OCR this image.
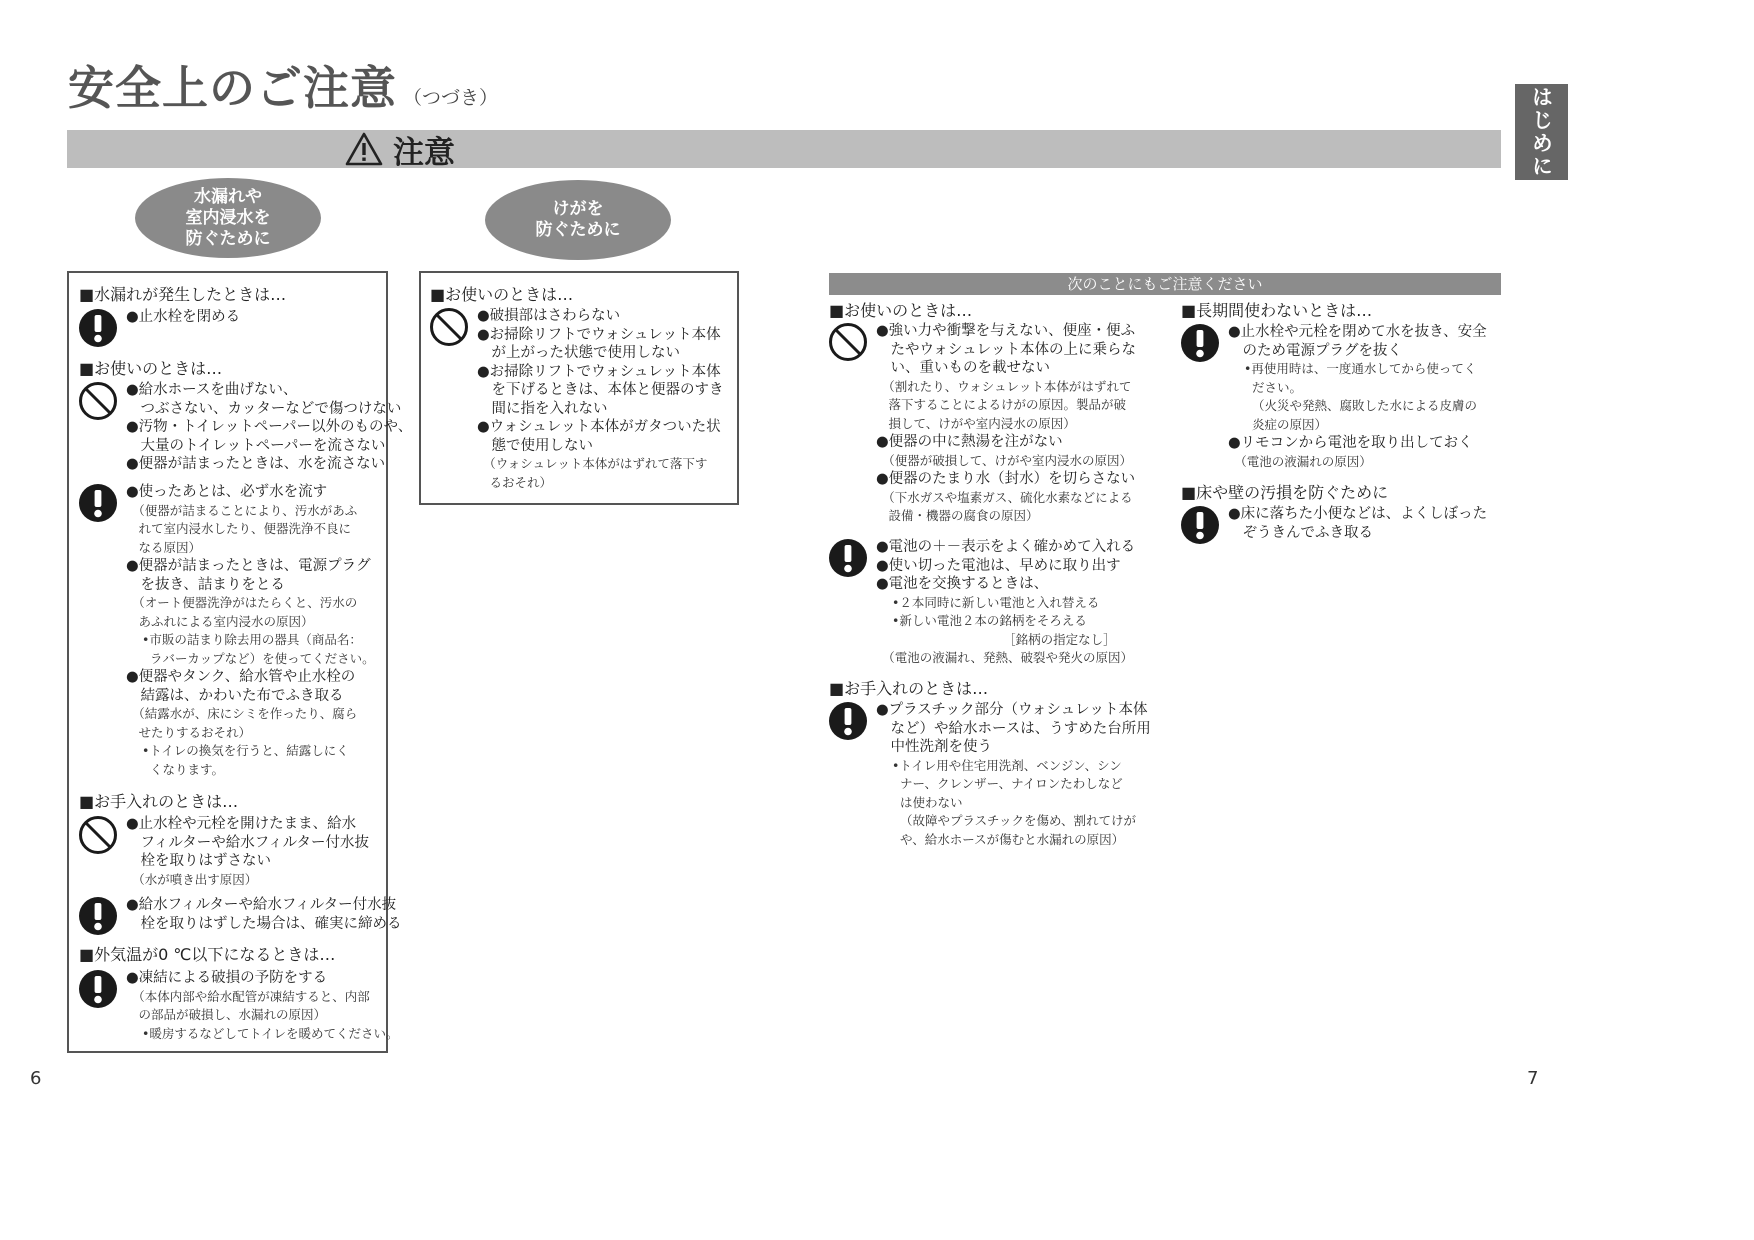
安全上のご注意 （つづき）	はじめに
注意
水漏れや
室内浸水を
防ぐために
けがを
防ぐために
■水漏れが発生したときは…
●止水栓を閉める
■お使いのときは…
●給水ホースを曲げない、
　つぶさない、カッターなどで傷つけない
●汚物・トイレットペーパー以外のものや、
　大量のトイレットペーパーを流さない
●便器が詰まったときは、水を流さない
●使ったあとは、必ず水を流す
　（便器が詰まることにより、汚水があふ
　れて室内浸水したり、便器洗浄不良に
　なる原因）
●便器が詰まったときは、電源プラグ
　を抜き、詰まりをとる
　（オート便器洗浄がはたらくと、汚水の
　あふれによる室内浸水の原因）
•市販の詰まり除去用の器具（商品名：
ラバーカップなど）を使ってください。
●便器やタンク、給水管や止水栓の
　結露は、かわいた布でふき取る
　（結露水が、床にシミを作ったり、腐ら
　せたりするおそれ）
•トイレの換気を行うと、結露しにく
くなります。
■お手入れのときは…
●止水栓や元栓を開けたまま、給水
　フィルターや給水フィルター付水抜
　栓を取りはずさない
　（水が噴き出す原因）
●給水フィルターや給水フィルター付水抜
　栓を取りはずした場合は、確実に締める
■外気温が0 ℃以下になるときは…
●凍結による破損の予防をする
　（本体内部や給水配管が凍結すると、内部
　の部品が破損し、水漏れの原因）
•暖房するなどしてトイレを暖めてください。
■お使いのときは…
●破損部はさわらない
●お掃除リフトでウォシュレット本体
　が上がった状態で使用しない
●お掃除リフトでウォシュレット本体
　を下げるときは、本体と便器のすき
　間に指を入れない
●ウォシュレット本体がガタついた状
　態で使用しない
　（ウォシュレット本体がはずれて落下す
　るおそれ）
次のことにもご注意ください
■お使いのときは…
●強い力や衝撃を与えない、便座・便ふ
　たやウォシュレット本体の上に乗らな
　い、重いものを載せない
　（割れたり、ウォシュレット本体がはずれて
　落下することによるけがの原因。製品が破
　損して、けがや室内浸水の原因）
●便器の中に熱湯を注がない
　（便器が破損して、けがや室内浸水の原因）
●便器のたまり水（封水）を切らさない
　（下水ガスや塩素ガス、硫化水素などによる
　設備・機器の腐食の原因）
●電池の＋－表示をよく確かめて入れる
●使い切った電池は、早めに取り出す
●電池を交換するときは、
•２本同時に新しい電池と入れ替える
•新しい電池２本の銘柄をそろえる
［銘柄の指定なし］
　（電池の液漏れ、発熱、破裂や発火の原因）
■お手入れのときは…
●プラスチック部分（ウォシュレット本体
　など）や給水ホースは、うすめた台所用
　中性洗剤を使う
•トイレ用や住宅用洗剤、ベンジン、シン
ナー、クレンザー、ナイロンたわしなど
は使わない
（故障やプラスチックを傷め、割れてけが
や、給水ホースが傷むと水漏れの原因）
■長期間使わないときは…
●止水栓や元栓を閉めて水を抜き、安全
　のため電源プラグを抜く
•再使用時は、一度通水してから使ってく
ださい。
（火災や発熱、腐敗した水による皮膚の
炎症の原因）
●リモコンから電池を取り出しておく
　（電池の液漏れの原因）
■床や壁の汚損を防ぐために
●床に落ちた小便などは、よくしぼった
　ぞうきんでふき取る
6	7
